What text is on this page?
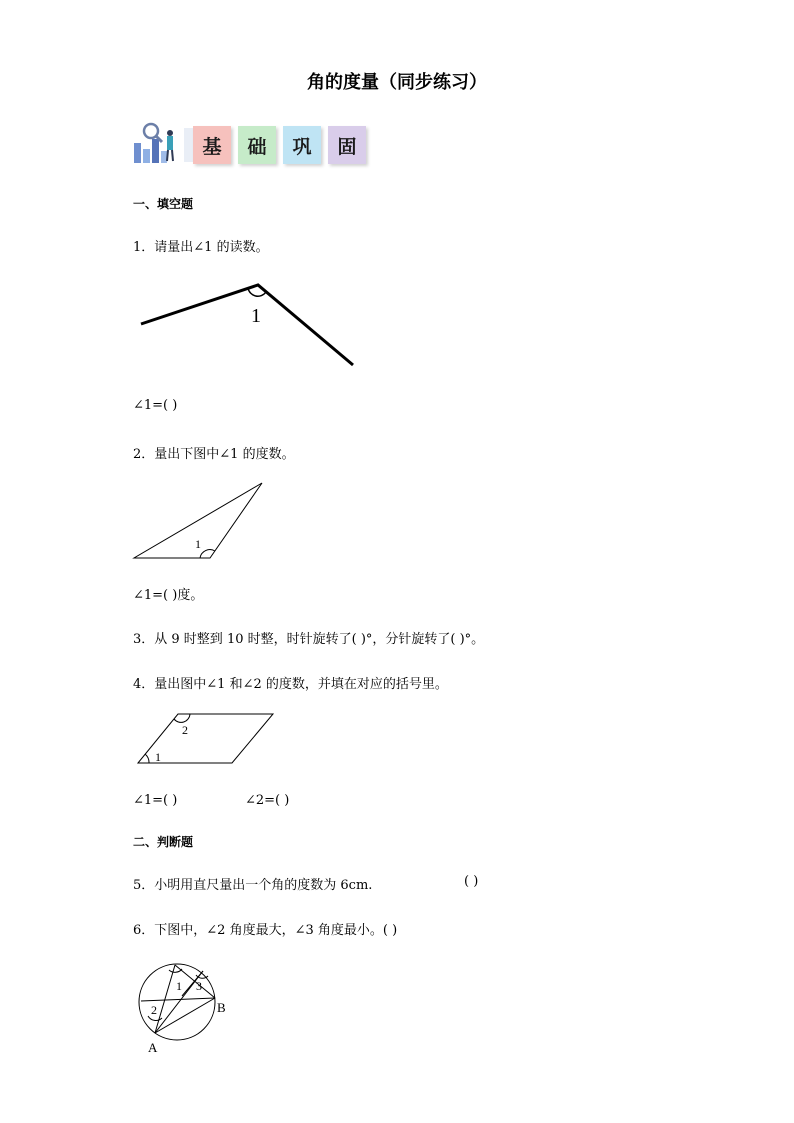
角的度量（同步练习）
基 础 巩 固
一、填空题
1．请量出∠1 的读数。
1
∠1=( )
2．量出下图中∠1 的度数。
1
∠1=( )度。
3．从 9 时整到 10 时整，时针旋转了( )°，分针旋转了( )°。
4．量出图中∠1 和∠2 的度数，并填在对应的括号里。
1
2
∠1=( )	∠2=( )
二、判断题
5．小明用直尺量出一个角的度数为 6cm.	( )
6．下图中，∠2 角度最大，∠3 角度最小。( )
1
2
3
A
B
